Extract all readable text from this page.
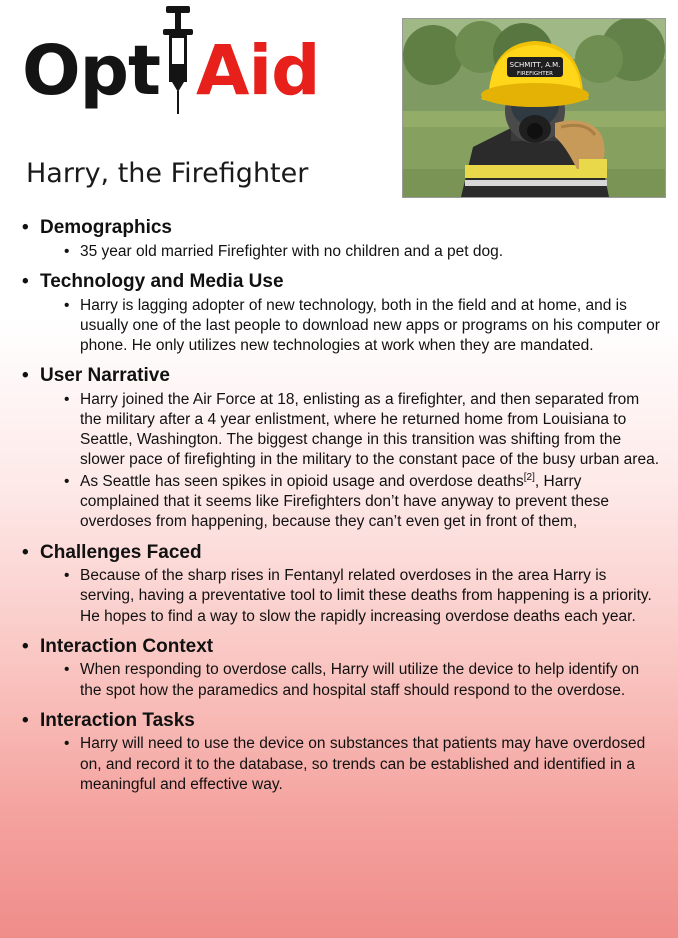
Opt Aid	SCHMITT, A.M.
FIREFIGHTER
Harry, the Firefighter
• Demographics
• 35 year old married Firefighter with no children and a pet dog.
• Technology and Media Use
• Harry is lagging adopter of new technology, both in the field and at home, and is usually one of the last people to download new apps or programs on his computer or phone. He only utilizes new technologies at work when they are mandated.
• User Narrative
• Harry joined the Air Force at 18, enlisting as a firefighter, and then separated from the military after a 4 year enlistment, where he returned home from Louisiana to Seattle, Washington. The biggest change in this transition was shifting from the slower pace of firefighting in the military to the constant pace of the busy urban area.
• As Seattle has seen spikes in opioid usage and overdose deaths[2], Harry complained that it seems like Firefighters don’t have anyway to prevent these overdoses from happening, because they can’t even get in front of them,
• Challenges Faced
• Because of the sharp rises in Fentanyl related overdoses in the area Harry is serving, having a preventative tool to limit these deaths from happening is a priority. He hopes to find a way to slow the rapidly increasing overdose deaths each year.
• Interaction Context
• When responding to overdose calls, Harry will utilize the device to help identify on the spot how the paramedics and hospital staff should respond to the overdose.
• Interaction Tasks
• Harry will need to use the device on substances that patients may have overdosed on, and record it to the database, so trends can be established and identified in a meaningful and effective way.
